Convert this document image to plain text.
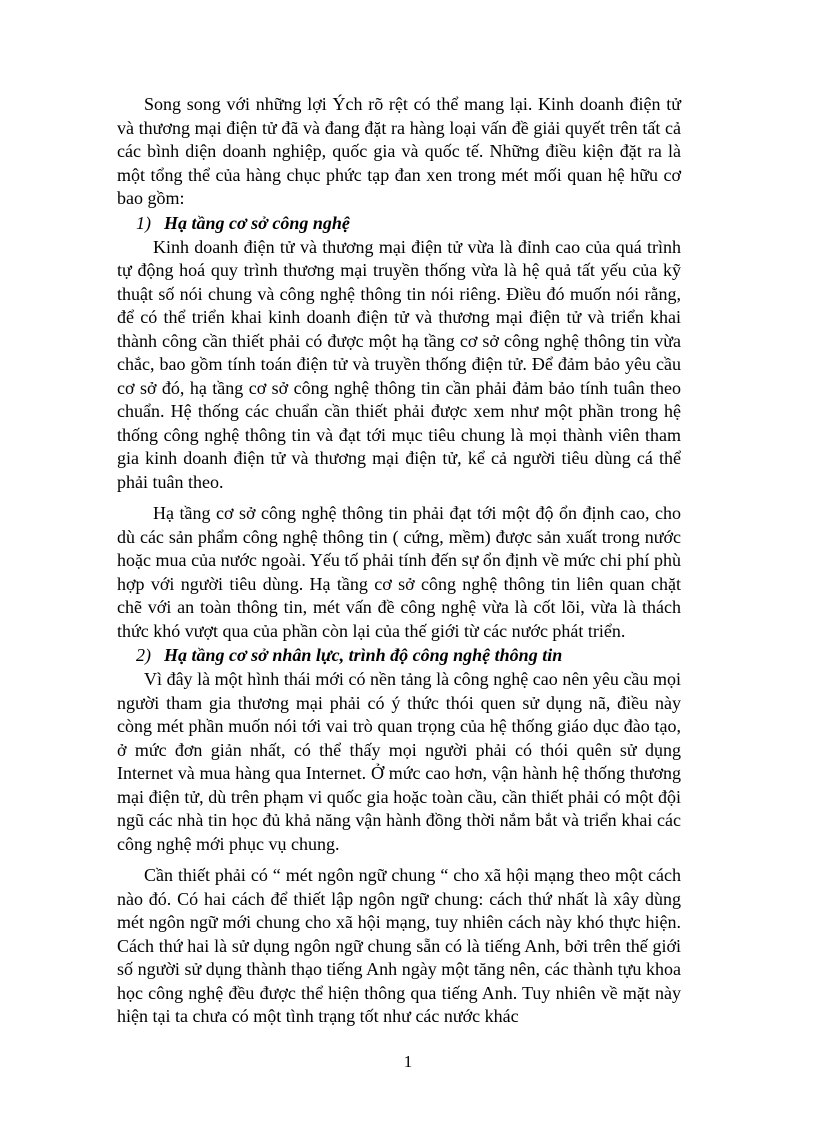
Song song với những lợi Ých rõ rệt có thể mang lại. Kinh doanh điện tử và thương mại điện tử đã và đang đặt ra hàng loại vấn đề giải quyết trên tất cả các bình diện doanh nghiệp, quốc gia và quốc tế. Những điều kiện đặt ra là một tổng thể của hàng chục phức tạp đan xen trong mét mối quan hệ hữu cơ bao gồm:

1) Hạ tầng cơ sở công nghệ

Kinh doanh điện tử và thương mại điện tử vừa là đỉnh cao của quá trình tự động hoá quy trình thương mại truyền thống vừa là hệ quả tất yếu của kỹ thuật số nói chung và công nghệ thông tin nói riêng. Điều đó muốn nói rằng, để có thể triển khai kinh doanh điện tử và thương mại điện tử và triển khai thành công cần thiết phải có được một hạ tầng cơ sở công nghệ thông tin vừa chắc, bao gồm tính toán điện tử và truyền thống điện tử. Để đảm bảo yêu cầu cơ sở đó, hạ tầng cơ sở công nghệ thông tin cần phải đảm bảo tính tuân theo chuẩn. Hệ thống các chuẩn cần thiết phải được xem như một phần trong hệ thống công nghệ thông tin và đạt tới mục tiêu chung là mọi thành viên tham gia kinh doanh điện tử và thương mại điện tử, kể cả người tiêu dùng cá thể phải tuân theo.

Hạ tầng cơ sở công nghệ thông tin phải đạt tới một độ ổn định cao, cho dù các sản phẩm công nghệ thông tin ( cứng, mềm) được sản xuất trong nước hoặc mua của nước ngoài. Yếu tố phải tính đến sự ổn định về mức chi phí phù hợp với người tiêu dùng. Hạ tầng cơ sở công nghệ thông tin liên quan chặt chẽ với an toàn thông tin, mét vấn đề công nghệ vừa là cốt lõi, vừa là thách thức khó vượt qua của phần còn lại của thế giới từ các nước phát triển.

2) Hạ tầng cơ sở nhân lực, trình độ công nghệ thông tin

Vì đây là một hình thái mới có nền tảng là công nghệ cao nên yêu cầu mọi người tham gia thương mại phải có ý thức thói quen sử dụng nã, điều này còng mét phần muốn nói tới vai trò quan trọng của hệ thống giáo dục đào tạo, ở mức đơn giản nhất, có thể thấy mọi người phải có thói quên sử dụng Internet và mua hàng qua Internet. Ở mức cao hơn, vận hành hệ thống thương mại điện tử, dù trên phạm vi quốc gia hoặc toàn cầu, cần thiết phải có một đội ngũ các nhà tin học đủ khả năng vận hành đồng thời nắm bắt và triển khai các công nghệ mới phục vụ chung.

Cần thiết phải có “ mét ngôn ngữ chung “ cho xã hội mạng theo một cách nào đó. Có hai cách để thiết lập ngôn ngữ chung: cách thứ nhất là xây dùng mét ngôn ngữ mới chung cho xã hội mạng, tuy nhiên cách này khó thực hiện. Cách thứ hai là sử dụng ngôn ngữ chung sẵn có là tiếng Anh, bởi trên thế giới số người sử dụng thành thạo tiếng Anh ngày một tăng nên, các thành tựu khoa học công nghệ đều được thể hiện thông qua tiếng Anh. Tuy nhiên về mặt này hiện tại ta chưa có một tình trạng tốt như các nước khác

1
